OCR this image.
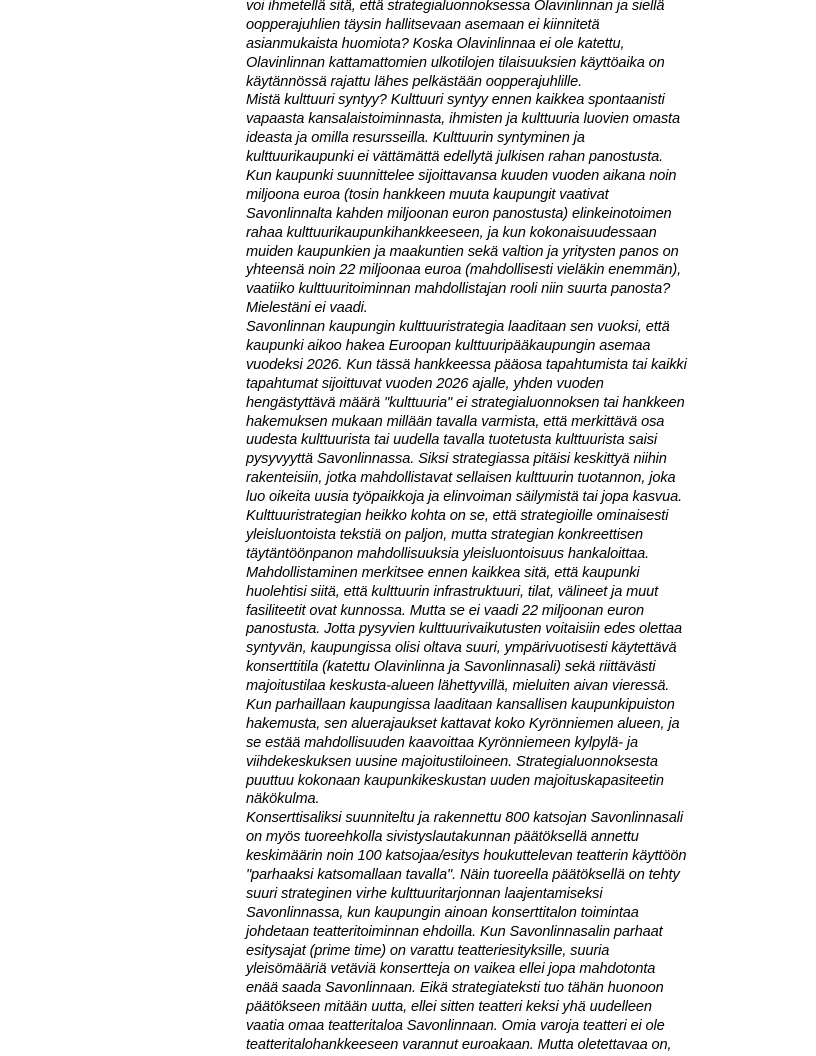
voi ihmetellä sitä, että strategialuonnoksessa Olavinlinnan ja siellä
oopperajuhlien täysin hallitsevaan asemaan ei kiinnitetä
asianmukaista huomiota? Koska Olavinlinnaa ei ole katettu,
Olavinlinnan kattamattomien ulkotilojen tilaisuuksien käyttöaika on
käytännössä rajattu lähes pelkästään oopperajuhlille.
Mistä kulttuuri syntyy? Kulttuuri syntyy ennen kaikkea spontaanisti
vapaasta kansalaistoiminnasta, ihmisten ja kulttuuria luovien omasta
ideasta ja omilla resursseilla. Kulttuurin syntyminen ja
kulttuurikaupunki ei vättämättä edellytä julkisen rahan panostusta.
Kun kaupunki suunnittelee sijoittavansa kuuden vuoden aikana noin
miljoona euroa (tosin hankkeen muuta kaupungit vaativat
Savonlinnalta kahden miljoonan euron panostusta) elinkeinotoimen
rahaa kulttuurikaupunkihankkeeseen, ja kun kokonaisuudessaan
muiden kaupunkien ja maakuntien sekä valtion ja yritysten panos on
yhteensä noin 22 miljoonaa euroa (mahdollisesti vieläkin enemmän),
vaatiiko kulttuuritoiminnan mahdollistajan rooli niin suurta panosta?
Mielestäni ei vaadi.
Savonlinnan kaupungin kulttuuristrategia laaditaan sen vuoksi, että
kaupunki aikoo hakea Euroopan kulttuuripääkaupungin asemaa
vuodeksi 2026. Kun tässä hankkeessa pääosa tapahtumista tai kaikki
tapahtumat sijoittuvat vuoden 2026 ajalle, yhden vuoden
hengästyttävä määrä "kulttuuria" ei strategialuonnoksen tai hankkeen
hakemuksen mukaan millään tavalla varmista, että merkittävä osa
uudesta kulttuurista tai uudella tavalla tuotetusta kulttuurista saisi
pysyvyyttä Savonlinnassa. Siksi strategiassa pitäisi keskittyä niihin
rakenteisiin, jotka mahdollistavat sellaisen kulttuurin tuotannon, joka
luo oikeita uusia työpaikkoja ja elinvoiman säilymistä tai jopa kasvua.
Kulttuuristrategian heikko kohta on se, että strategioille ominaisesti
yleisluontoista tekstiä on paljon, mutta strategian konkreettisen
täytäntöönpanon mahdollisuuksia yleisluontoisuus hankaloittaa.
Mahdollistaminen merkitsee ennen kaikkea sitä, että kaupunki
huolehtisi siitä, että kulttuurin infrastruktuuri, tilat, välineet ja muut
fasiliteetit ovat kunnossa. Mutta se ei vaadi 22 miljoonan euron
panostusta. Jotta pysyvien kulttuurivaikutusten voitaisiin edes olettaa
syntyvän, kaupungissa olisi oltava suuri, ympärivuotisesti käytettävä
konserttitila (katettu Olavinlinna ja Savonlinnasali) sekä riittävästi
majoitustilaa keskusta-alueen lähettyvillä, mieluiten aivan vieressä.
Kun parhaillaan kaupungissa laaditaan kansallisen kaupunkipuiston
hakemusta, sen aluerajaukset kattavat koko Kyrönniemen alueen, ja
se estää mahdollisuuden kaavoittaa Kyrönniemeen kylpylä- ja
viihdekeskuksen uusine majoitustiloineen. Strategialuonnoksesta
puuttuu kokonaan kaupunkikeskustan uuden majoituskapasiteetin
näkökulma.
Konserttisaliksi suunniteltu ja rakennettu 800 katsojan Savonlinnasali
on myös tuoreehkolla sivistyslautakunnan päätöksellä annettu
keskimäärin noin 100 katsojaa/esitys houkuttelevan teatterin käyttöön
"parhaaksi katsomallaan tavalla". Näin tuoreella päätöksellä on tehty
suuri strateginen virhe kulttuuritarjonnan laajentamiseksi
Savonlinnassa, kun kaupungin ainoan konserttitalon toimintaa
johdetaan teatteritoiminnan ehdoilla. Kun Savonlinnasalin parhaat
esitysajat (prime time) on varattu teatteriesityksille, suuria
yleisömääriä vetäviä konsertteja on vaikea ellei jopa mahdotonta
enää saada Savonlinnaan. Eikä strategiateksti tuo tähän huonoon
päätökseen mitään uutta, ellei sitten teatteri keksi yhä uudelleen
vaatia omaa teatteritaloa Savonlinnaan. Omia varoja teatteri ei ole
teatteritalohankkeeseen varannut euroakaan. Mutta oletettavaa on,
